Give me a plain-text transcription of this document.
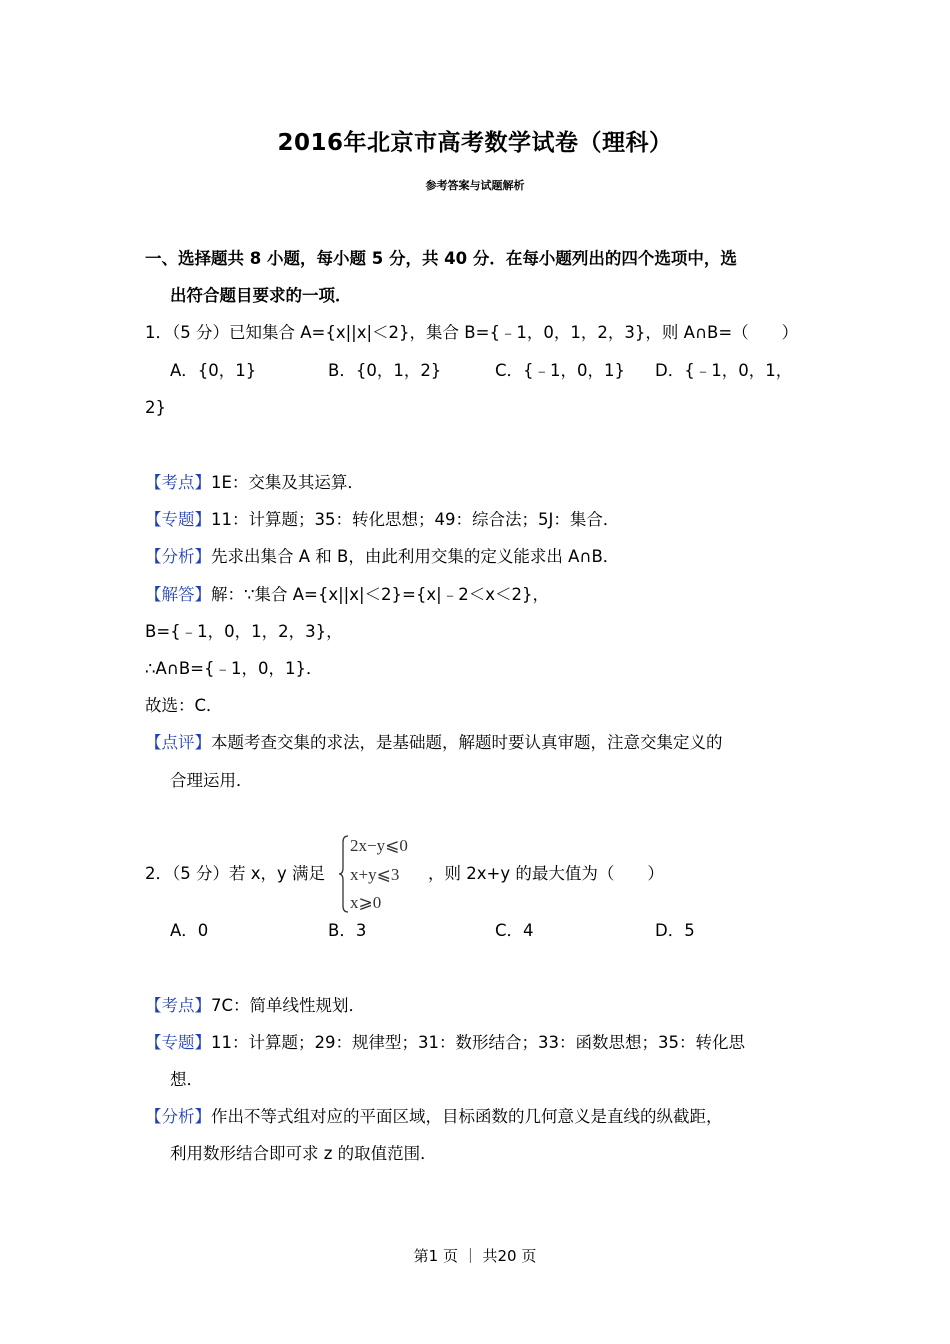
2016年北京市高考数学试卷（理科）
参考答案与试题解析
一、选择题共 8 小题，每小题 5 分，共 40 分．在每小题列出的四个选项中，选
出符合题目要求的一项．
1．（5 分）已知集合 A={x||x|＜2}，集合 B={﹣1，0，1，2，3}，则 A∩B=（　　）
A．{0，1}	B．{0，1，2}	C．{﹣1，0，1} D．{﹣1，0，1，
2}
【考点】1E：交集及其运算．
【专题】11：计算题；35：转化思想；49：综合法；5J：集合．
【分析】先求出集合 A 和 B，由此利用交集的定义能求出 A∩B．
【解答】解：∵集合 A={x||x|＜2}={x|﹣2＜x＜2}，
B={﹣1，0，1，2，3}，
∴A∩B={﹣1，0，1}．
故选：C．
【点评】本题考查交集的求法，是基础题，解题时要认真审题，注意交集定义的
合理运用．
2．（5 分）若 x，y 满足
2x−y⩽0
x+y⩽3
x⩾0
，则 2x+y 的最大值为（　　）
A．0	B．3	C．4	D．5
【考点】7C：简单线性规划．
【专题】11：计算题；29：规律型；31：数形结合；33：函数思想；35：转化思
想．
【分析】作出不等式组对应的平面区域，目标函数的几何意义是直线的纵截距，
利用数形结合即可求 z 的取值范围．
第1 页 ｜ 共20 页
